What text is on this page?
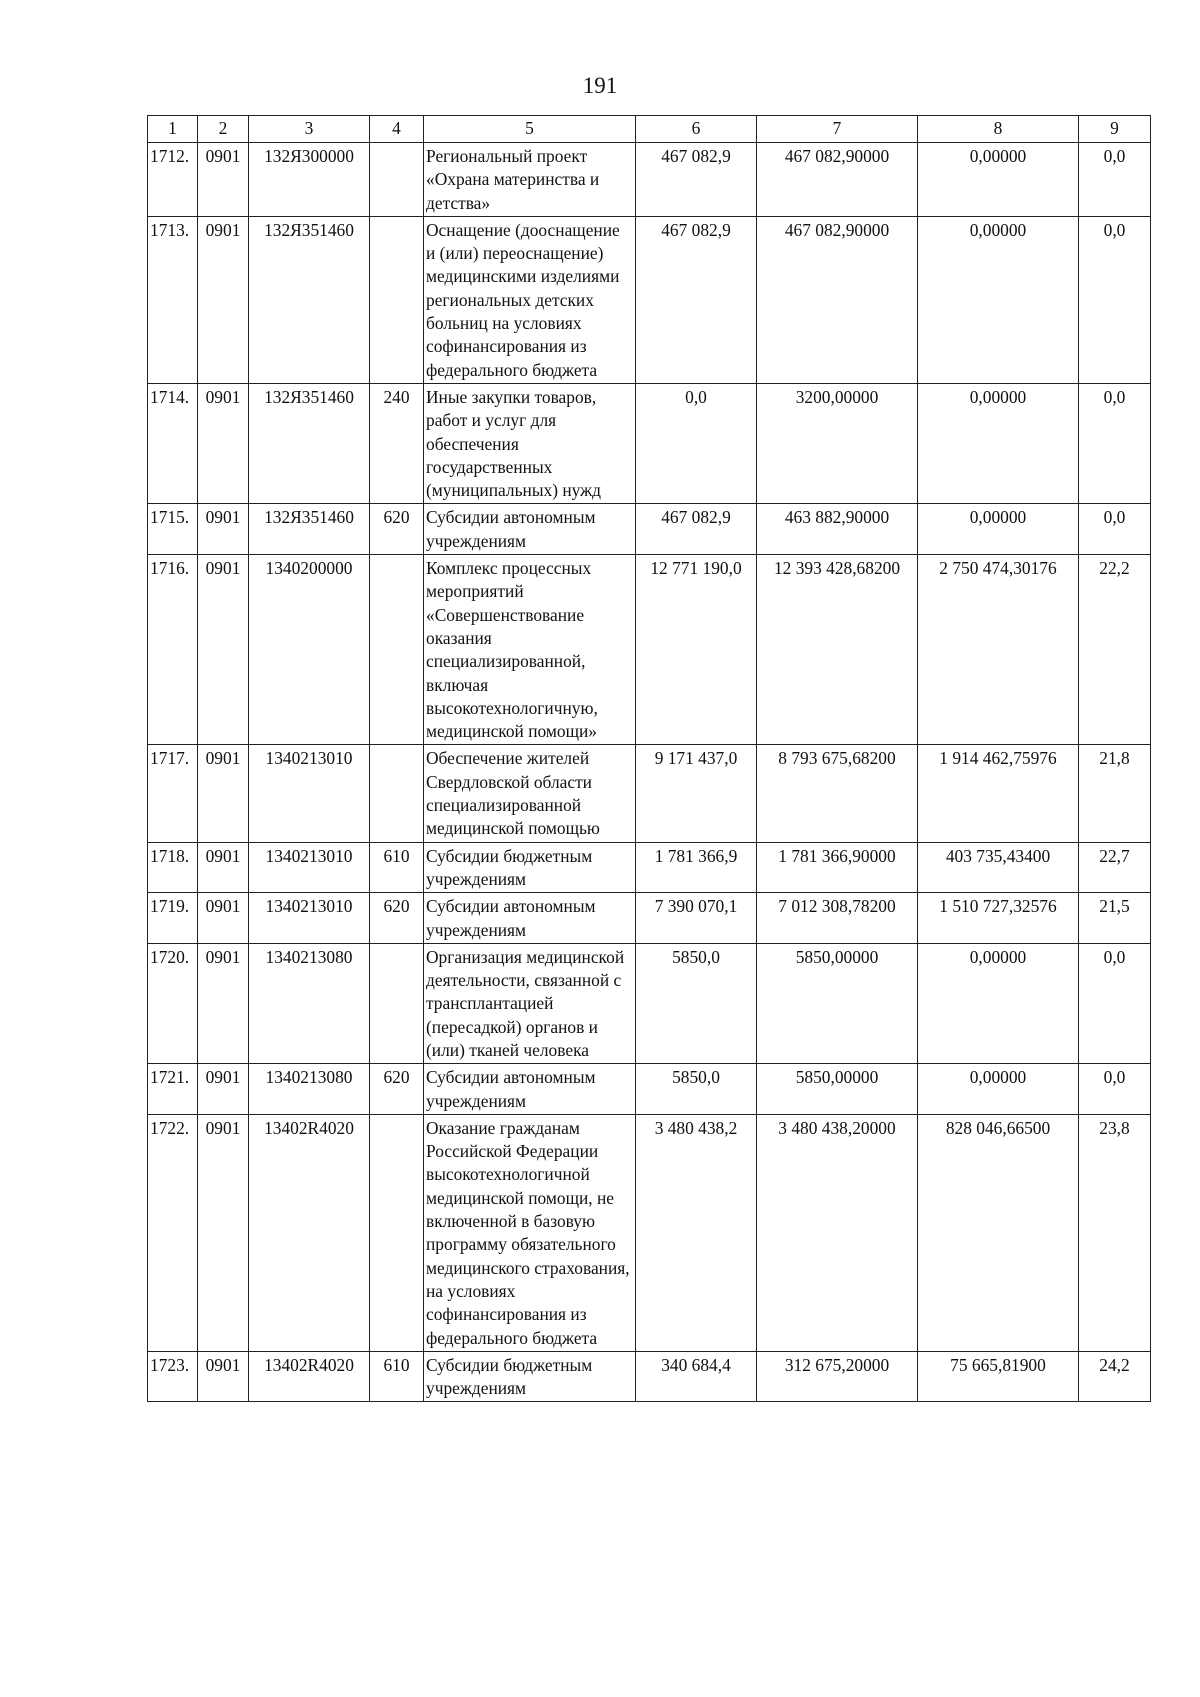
191
1	2	3	4	5	6	7	8	9
1712.	0901	132Я300000		Региональный проект «Охрана материнства и детства»	467 082,9	467 082,90000	0,00000	0,0
1713.	0901	132Я351460		Оснащение (дооснащение и (или) переоснащение) медицинскими изделиями региональных детских больниц на условиях софинансирования из федерального бюджета	467 082,9	467 082,90000	0,00000	0,0
1714.	0901	132Я351460	240	Иные закупки товаров, работ и услуг для обеспечения государственных (муниципальных) нужд	0,0	3200,00000	0,00000	0,0
1715.	0901	132Я351460	620	Субсидии автономным учреждениям	467 082,9	463 882,90000	0,00000	0,0
1716.	0901	1340200000		Комплекс процессных мероприятий «Совершенствование оказания специализированной, включая высокотехнологичную, медицинской помощи»	12 771 190,0	12 393 428,68200	2 750 474,30176	22,2
1717.	0901	1340213010		Обеспечение жителей Свердловской области специализированной медицинской помощью	9 171 437,0	8 793 675,68200	1 914 462,75976	21,8
1718.	0901	1340213010	610	Субсидии бюджетным учреждениям	1 781 366,9	1 781 366,90000	403 735,43400	22,7
1719.	0901	1340213010	620	Субсидии автономным учреждениям	7 390 070,1	7 012 308,78200	1 510 727,32576	21,5
1720.	0901	1340213080		Организация медицинской деятельности, связанной с трансплантацией (пересадкой) органов и (или) тканей человека	5850,0	5850,00000	0,00000	0,0
1721.	0901	1340213080	620	Субсидии автономным учреждениям	5850,0	5850,00000	0,00000	0,0
1722.	0901	13402R4020		Оказание гражданам Российской Федерации высокотехнологичной медицинской помощи, не включенной в базовую программу обязательного медицинского страхования, на условиях софинансирования из федерального бюджета	3 480 438,2	3 480 438,20000	828 046,66500	23,8
1723.	0901	13402R4020	610	Субсидии бюджетным учреждениям	340 684,4	312 675,20000	75 665,81900	24,2
